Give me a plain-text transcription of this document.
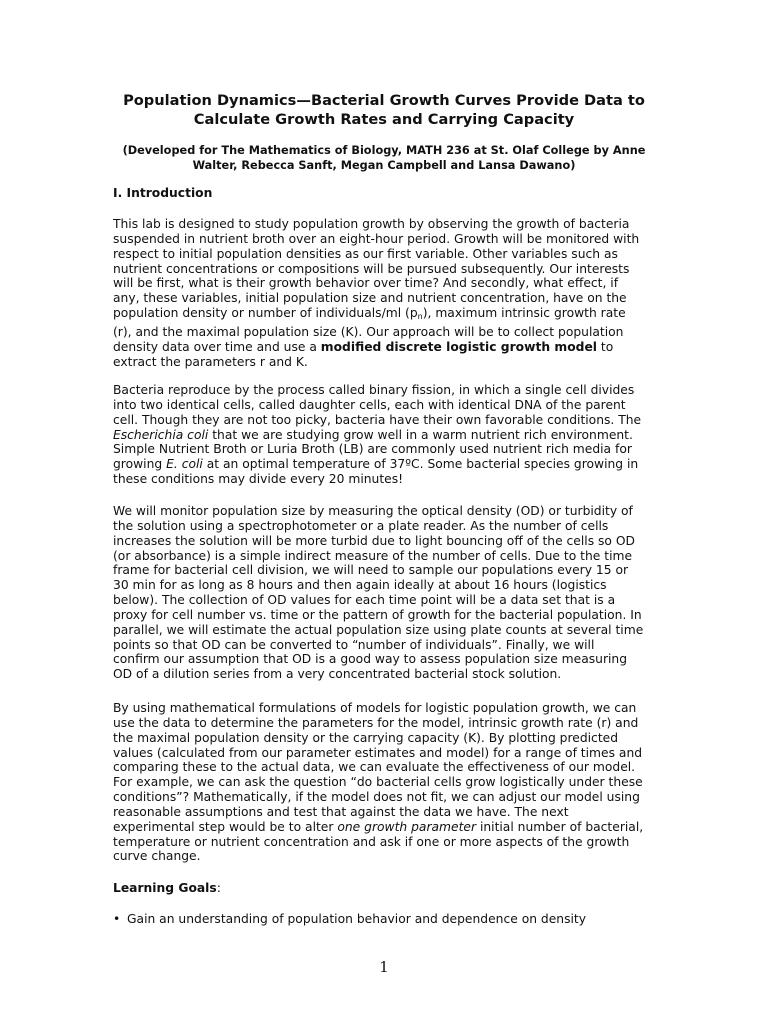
Population Dynamics—Bacterial Growth Curves Provide Data to
Calculate Growth Rates and Carrying Capacity
(Developed for The Mathematics of Biology, MATH 236 at St. Olaf College by Anne
Walter, Rebecca Sanft, Megan Campbell and Lansa Dawano)
I. Introduction
This lab is designed to study population growth by observing the growth of bacteria
suspended in nutrient broth over an eight-hour period. Growth will be monitored with
respect to initial population densities as our first variable. Other variables such as
nutrient concentrations or compositions will be pursued subsequently. Our interests
will be first, what is their growth behavior over time? And secondly, what effect, if
any, these variables, initial population size and nutrient concentration, have on the
population density or number of individuals/ml $(p_n)$, maximum intrinsic growth rate
(r), and the maximal population size (K). Our approach will be to collect population
density data over time and use a modified discrete logistic growth model to
extract the parameters r and K.
Bacteria reproduce by the process called binary fission, in which a single cell divides
into two identical cells, called daughter cells, each with identical DNA of the parent
cell. Though they are not too picky, bacteria have their own favorable conditions. The
Escherichia coli that we are studying grow well in a warm nutrient rich environment.
Simple Nutrient Broth or Luria Broth (LB) are commonly used nutrient rich media for
growing E. coli at an optimal temperature of 37ºC. Some bacterial species growing in
these conditions may divide every 20 minutes!
We will monitor population size by measuring the optical density (OD) or turbidity of
the solution using a spectrophotometer or a plate reader. As the number of cells
increases the solution will be more turbid due to light bouncing off of the cells so OD
(or absorbance) is a simple indirect measure of the number of cells. Due to the time
frame for bacterial cell division, we will need to sample our populations every 15 or
30 min for as long as 8 hours and then again ideally at about 16 hours (logistics
below). The collection of OD values for each time point will be a data set that is a
proxy for cell number vs. time or the pattern of growth for the bacterial population. In
parallel, we will estimate the actual population size using plate counts at several time
points so that OD can be converted to “number of individuals”. Finally, we will
confirm our assumption that OD is a good way to assess population size measuring
OD of a dilution series from a very concentrated bacterial stock solution.
By using mathematical formulations of models for logistic population growth, we can
use the data to determine the parameters for the model, intrinsic growth rate (r) and
the maximal population density or the carrying capacity (K). By plotting predicted
values (calculated from our parameter estimates and model) for a range of times and
comparing these to the actual data, we can evaluate the effectiveness of our model.
For example, we can ask the question “do bacterial cells grow logistically under these
conditions”? Mathematically, if the model does not fit, we can adjust our model using
reasonable assumptions and test that against the data we have. The next
experimental step would be to alter one growth parameter initial number of bacterial,
temperature or nutrient concentration and ask if one or more aspects of the growth
curve change.
Learning Goals:
• Gain an understanding of population behavior and dependence on density
1
